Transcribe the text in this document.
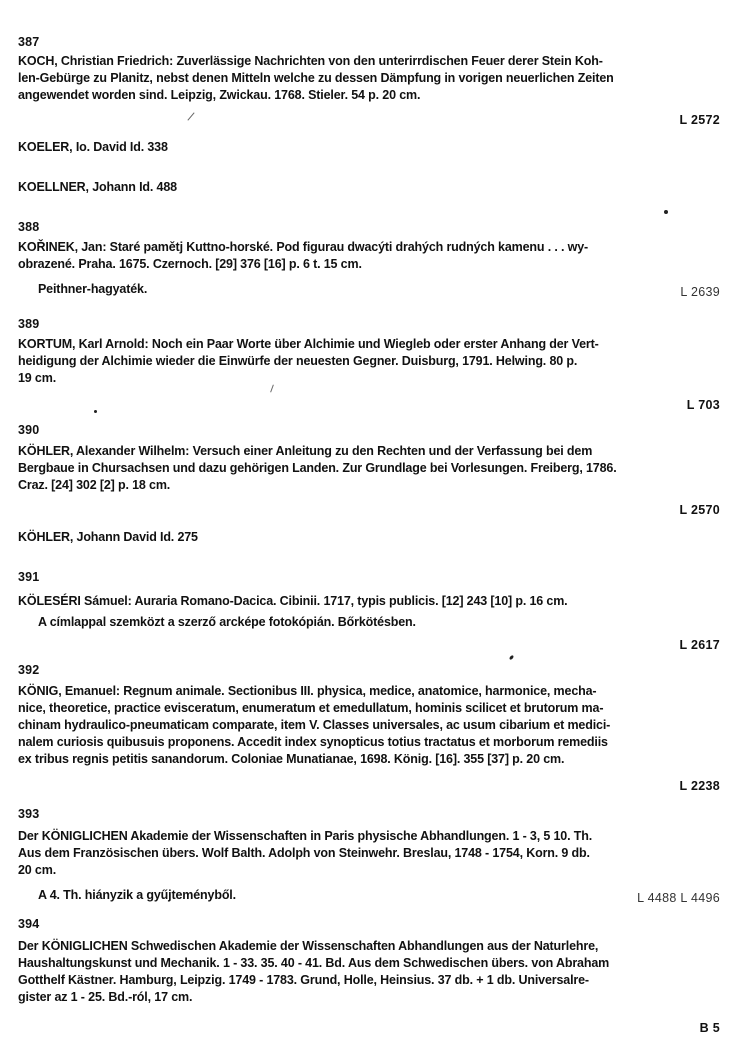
387
KOCH, Christian Friedrich: Zuverlässige Nachrichten von den unterirrdischen Feuer derer Stein Koh-
len-Gebürge zu Planitz, nebst denen Mitteln welche zu dessen Dämpfung in vorigen neuerlichen Zeiten
angewendet worden sind. Leipzig, Zwickau. 1768. Stieler. 54 p. 20 cm.
L 2572
KOELER, Io. David Id. 338
KOELLNER, Johann Id. 488
388
KOŘINEK, Jan: Staré pamětj Kuttno-horské. Pod figurau dwacýti drahých rudných kamenu . . . wy-
obrazené. Praha. 1675. Czernoch. [29] 376 [16] p. 6 t. 15 cm.
Peithner-hagyaték.	L 2639
389
KORTUM, Karl Arnold: Noch ein Paar Worte über Alchimie und Wiegleb oder erster Anhang der Vert-
heidigung der Alchimie wieder die Einwürfe der neuesten Gegner. Duisburg, 1791. Helwing. 80 p.
19 cm.
L 703
390
KÖHLER, Alexander Wilhelm: Versuch einer Anleitung zu den Rechten und der Verfassung bei dem
Bergbaue in Chursachsen und dazu gehörigen Landen. Zur Grundlage bei Vorlesungen. Freiberg, 1786.
Craz. [24] 302 [2] p. 18 cm.
L 2570
KÖHLER, Johann David Id. 275
391
KÖLESÉRI Sámuel: Auraria Romano-Dacica. Cibinii. 1717, typis publicis. [12] 243 [10] p. 16 cm.
A címlappal szemközt a szerző arcképe fotokópián. Bőrkötésben.
L 2617
392
KÖNIG, Emanuel: Regnum animale. Sectionibus III. physica, medice, anatomice, harmonice, mecha-
nice, theoretice, practice evisceratum, enumeratum et emedullatum, hominis scilicet et brutorum ma-
chinam hydraulico-pneumaticam comparate, item V. Classes universales, ac usum cibarium et medici-
nalem curiosis quibusuis proponens. Accedit index synopticus totius tractatus et morborum remediis
ex tribus regnis petitis sanandorum. Coloniae Munatianae, 1698. König. [16]. 355 [37] p. 20 cm.
L 2238
393
Der KÖNIGLICHEN Akademie der Wissenschaften in Paris physische Abhandlungen. 1 - 3, 5 10. Th.
Aus dem Französischen übers. Wolf Balth. Adolph von Steinwehr. Breslau, 1748 - 1754, Korn. 9 db.
20 cm.
A 4. Th. hiányzik a gyűjteményből.	L 4488 L 4496
394
Der KÖNIGLICHEN Schwedischen Akademie der Wissenschaften Abhandlungen aus der Naturlehre,
Haushaltungskunst und Mechanik. 1 - 33. 35. 40 - 41. Bd. Aus dem Schwedischen übers. von Abraham
Gotthelf Kästner. Hamburg, Leipzig. 1749 - 1783. Grund, Holle, Heinsius. 37 db. + 1 db. Universalre-
gister az 1 - 25. Bd.-ról, 17 cm.
B 5
